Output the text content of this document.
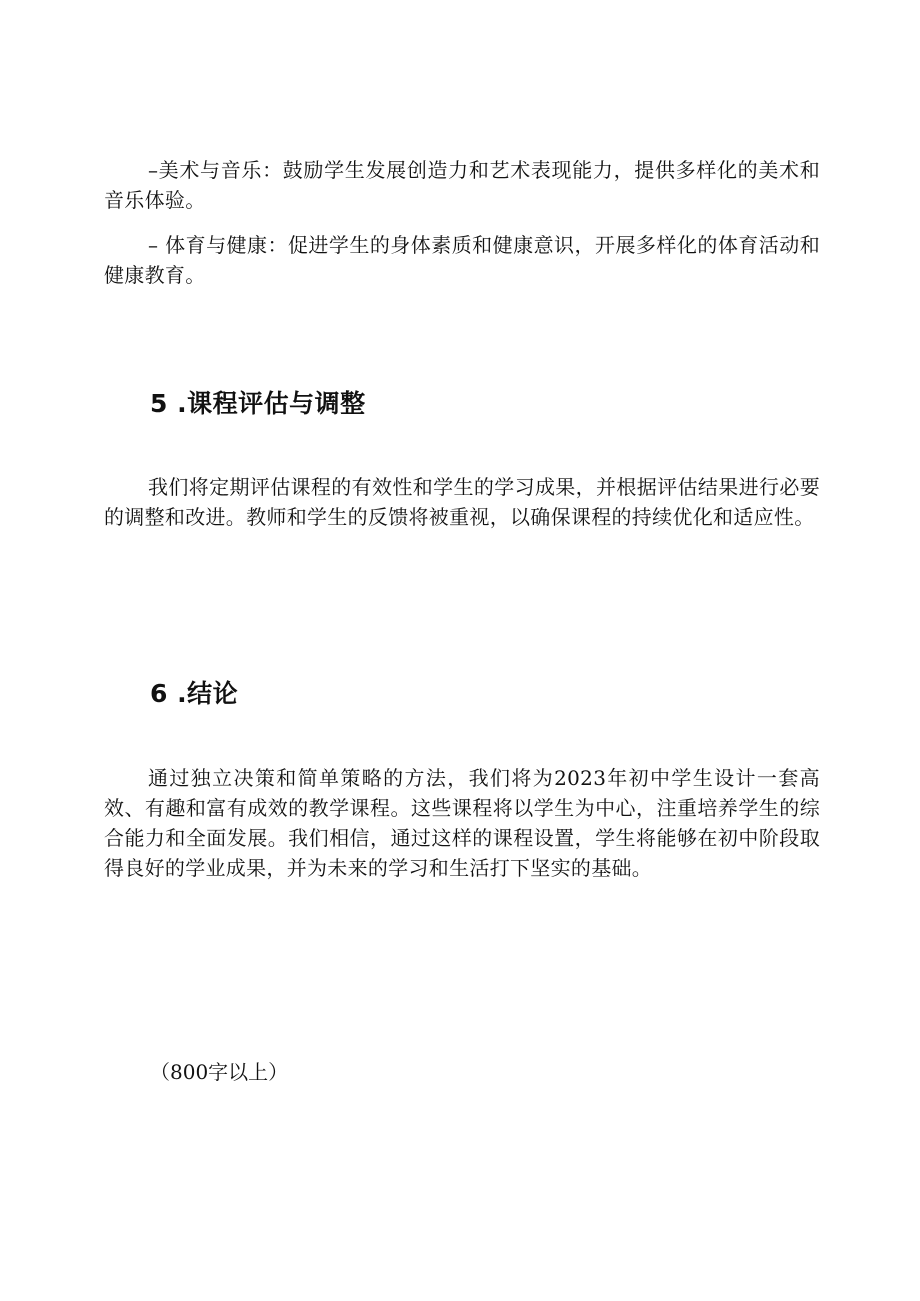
–美术与音乐：鼓励学生发展创造力和艺术表现能力，提供多样化的美术和音乐体验。

– 体育与健康：促进学生的身体素质和健康意识，开展多样化的体育活动和健康教育。

5 .课程评估与调整

我们将定期评估课程的有效性和学生的学习成果，并根据评估结果进行必要的调整和改进。教师和学生的反馈将被重视，以确保课程的持续优化和适应性。

6 .结论

通过独立决策和简单策略的方法，我们将为2023年初中学生设计一套高效、有趣和富有成效的教学课程。这些课程将以学生为中心，注重培养学生的综合能力和全面发展。我们相信，通过这样的课程设置，学生将能够在初中阶段取得良好的学业成果，并为未来的学习和生活打下坚实的基础。

（800字以上）
